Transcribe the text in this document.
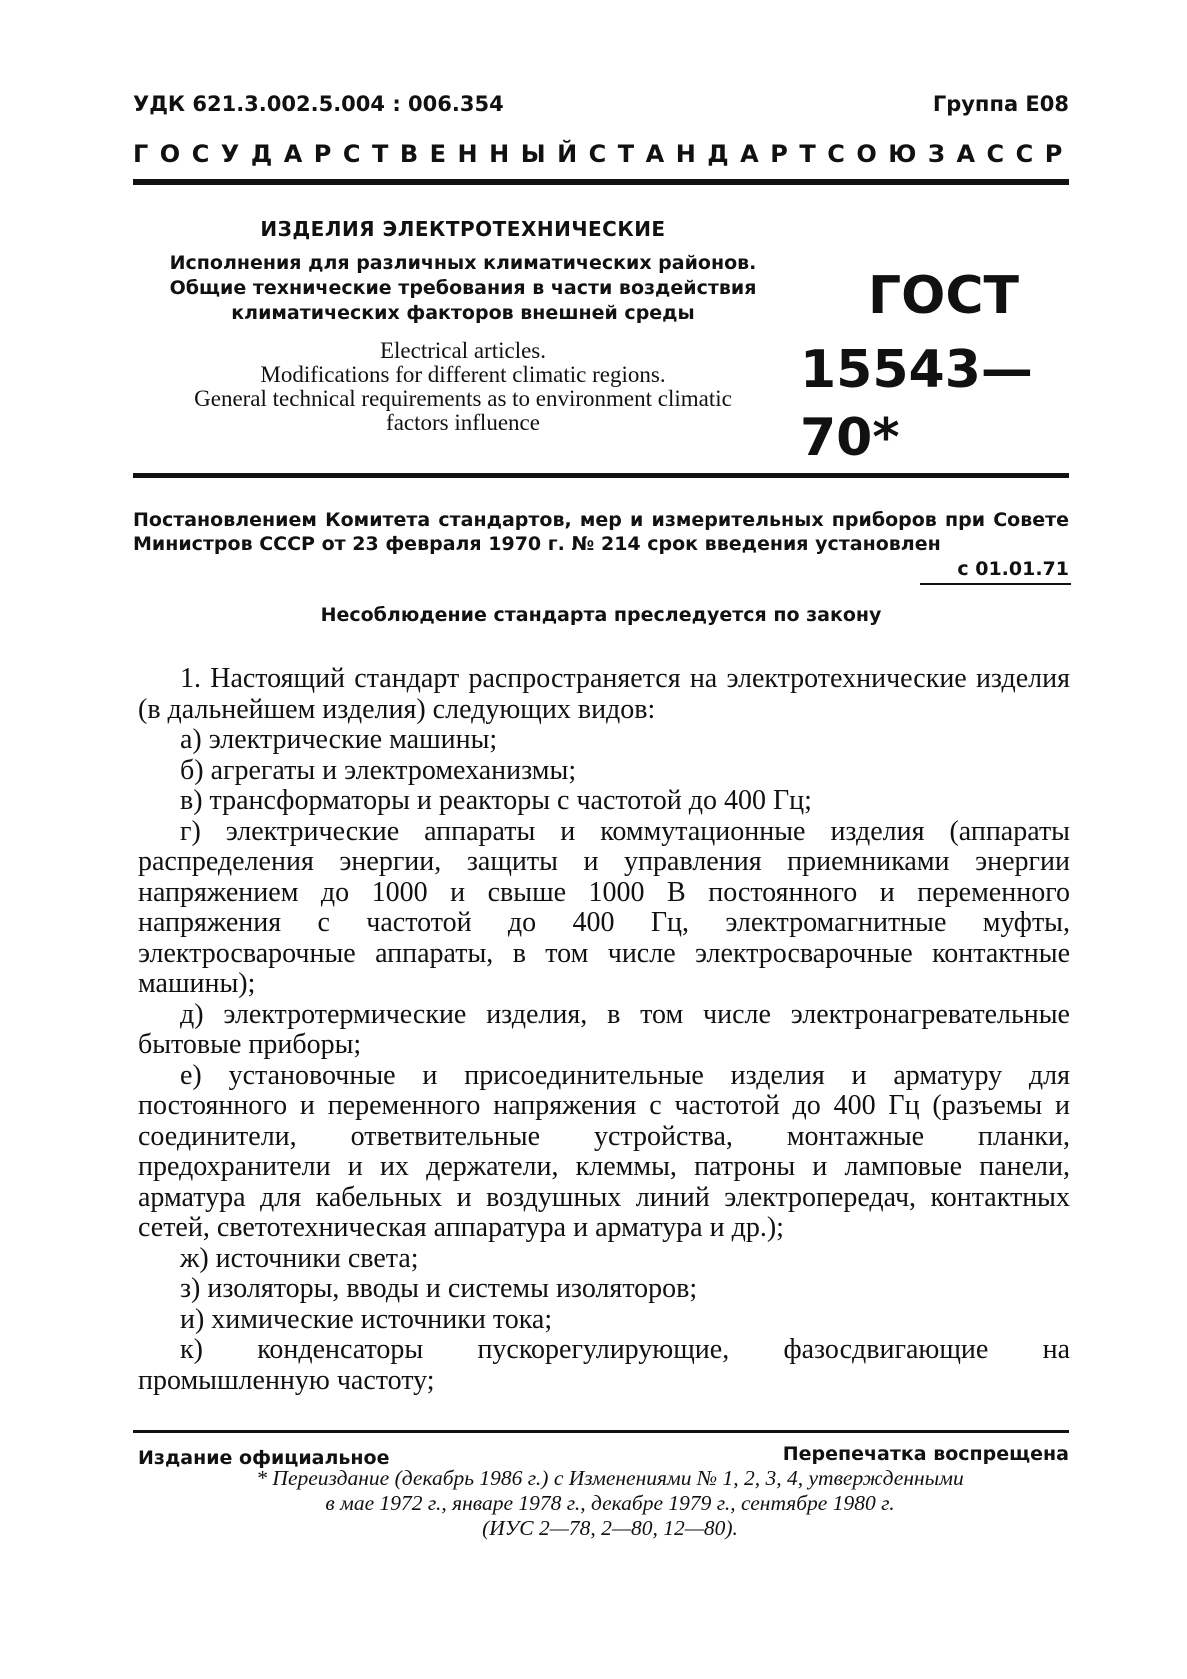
УДК 621.3.002.5.004 : 006.354	Группа Е08
ГОСУДАРСТВЕННЫЙ СТАНДАРТ СОЮЗА ССР
ИЗДЕЛИЯ ЭЛЕКТРОТЕХНИЧЕСКИЕ
Исполнения для различных климатических районов.
Общие технические требования в части воздействия
климатических факторов внешней среды
Electrical articles.
Modifications for different climatic regions.
General technical requirements as to environment climatic
factors influence
ГОСТ
15543—70*
Постановлением Комитета стандартов, мер и измерительных приборов при Совете Министров СССР от 23 февраля 1970 г. № 214 срок введения установлен
с 01.01.71
Несоблюдение стандарта преследуется по закону

1. Настоящий стандарт распространяется на электротехнические изделия (в дальнейшем изделия) следующих видов:

а) электрические машины;

б) агрегаты и электромеханизмы;

в) трансформаторы и реакторы с частотой до 400 Гц;

г) электрические аппараты и коммутационные изделия (аппараты распределения энергии, защиты и управления приемниками энергии напряжением до 1000 и свыше 1000 В постоянного и переменного напряжения с частотой до 400 Гц, электромагнитные муфты, электросварочные аппараты, в том числе электросварочные контактные машины);

д) электротермические изделия, в том числе электронагревательные бытовые приборы;

е) установочные и присоединительные изделия и арматуру для постоянного и переменного напряжения с частотой до 400 Гц (разъемы и соединители, ответвительные устройства, монтажные планки, предохранители и их держатели, клеммы, патроны и ламповые панели, арматура для кабельных и воздушных линий электропередач, контактных сетей, светотехническая аппаратура и арматура и др.);

ж) источники света;

з) изоляторы, вводы и системы изоляторов;

и) химические источники тока;

к) конденсаторы пускорегулирующие, фазосдвигающие на промышленную частоту;

Издание официальное	Перепечатка воспрещена
* Переиздание (декабрь 1986 г.) с Изменениями № 1, 2, 3, 4, утвержденными
в мае 1972 г., январе 1978 г., декабре 1979 г., сентябре 1980 г.
(ИУС 2—78, 2—80, 12—80).
